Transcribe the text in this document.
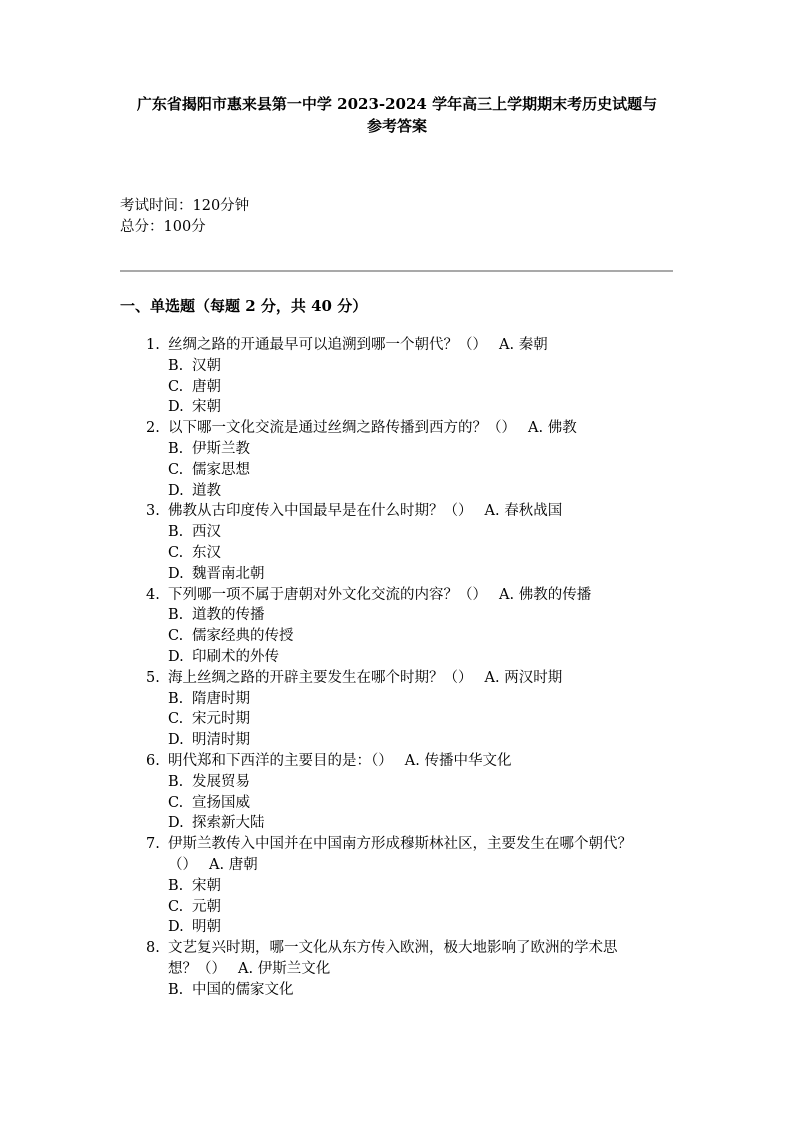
广东省揭阳市惠来县第一中学 2023-2024 学年高三上学期期末考历史试题与
参考答案
考试时间：120分钟
总分：100分
一、单选题（每题 2 分，共 40 分）
1. 丝绸之路的开通最早可以追溯到哪一个朝代？（） A. 秦朝
B. 汉朝
C. 唐朝
D. 宋朝
2. 以下哪一文化交流是通过丝绸之路传播到西方的？（） A. 佛教
B. 伊斯兰教
C. 儒家思想
D. 道教
3. 佛教从古印度传入中国最早是在什么时期？（） A. 春秋战国
B. 西汉
C. 东汉
D. 魏晋南北朝
4. 下列哪一项不属于唐朝对外文化交流的内容？（） A. 佛教的传播
B. 道教的传播
C. 儒家经典的传授
D. 印刷术的外传
5. 海上丝绸之路的开辟主要发生在哪个时期？（） A. 两汉时期
B. 隋唐时期
C. 宋元时期
D. 明清时期
6. 明代郑和下西洋的主要目的是：（） A. 传播中华文化
B. 发展贸易
C. 宣扬国威
D. 探索新大陆
7. 伊斯兰教传入中国并在中国南方形成穆斯林社区，主要发生在哪个朝代？
（） A. 唐朝
B. 宋朝
C. 元朝
D. 明朝
8. 文艺复兴时期，哪一文化从东方传入欧洲，极大地影响了欧洲的学术思
想？（） A. 伊斯兰文化
B. 中国的儒家文化
